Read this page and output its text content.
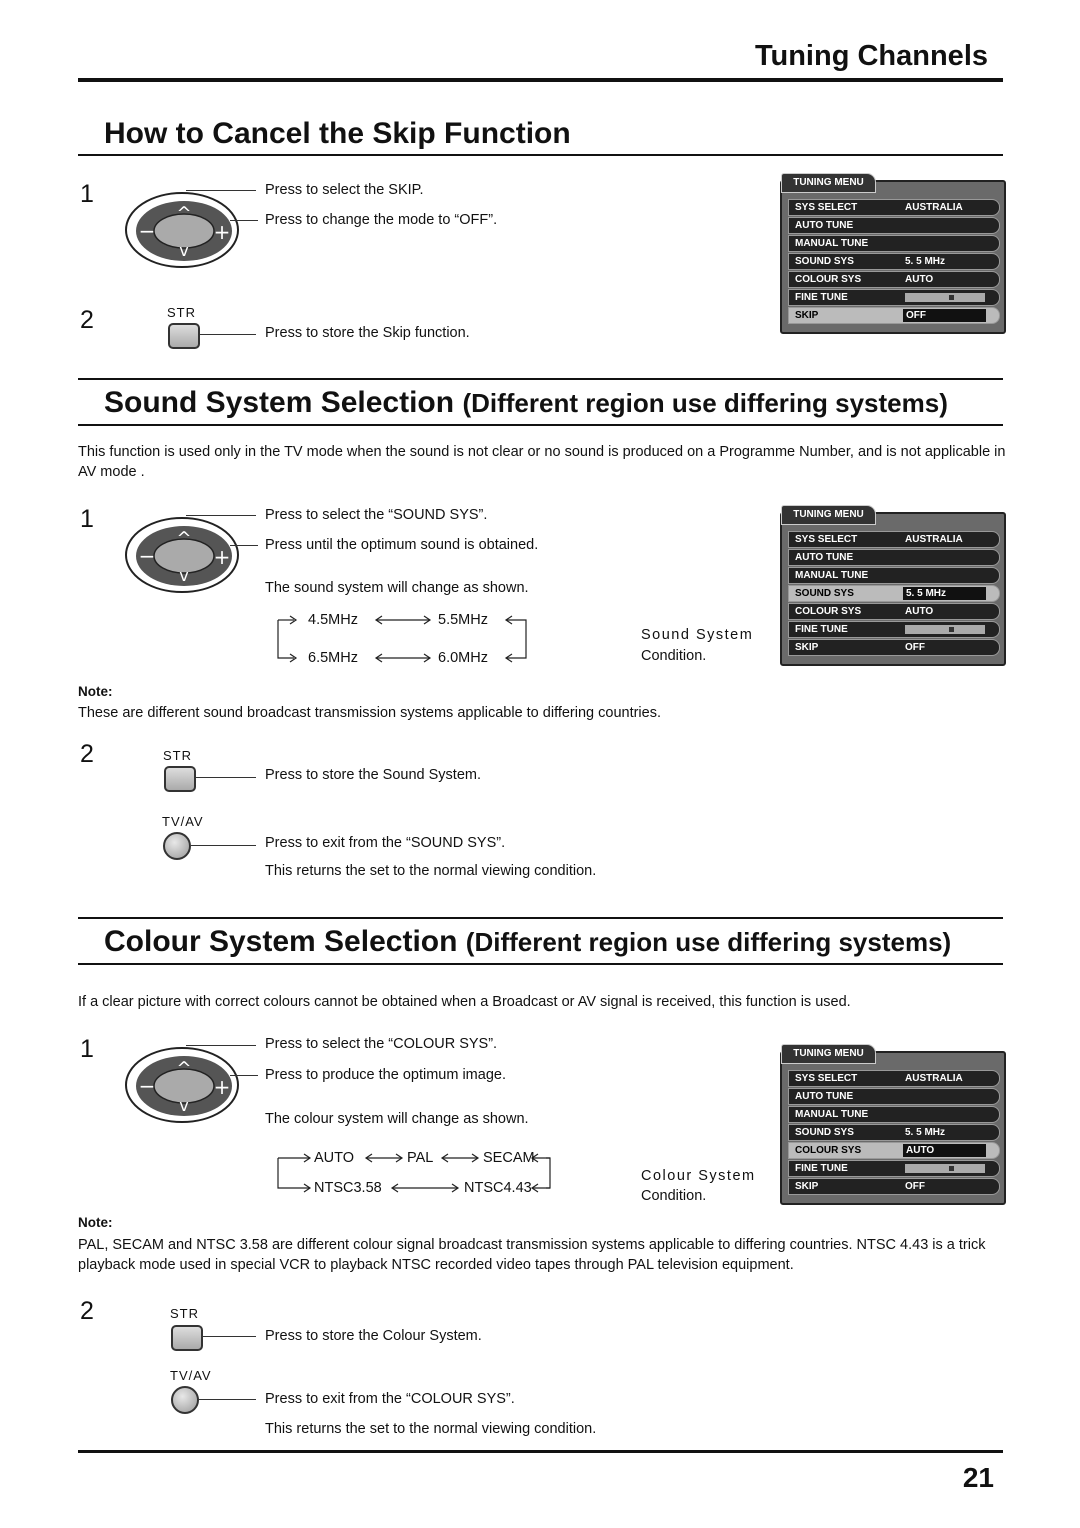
Tuning Channels
How to Cancel the Skip Function
1
^
v
−	+
Press to select the SKIP.
Press to change the mode to “OFF”.
2	STR
Press to store the Skip function.
TUNING MENU
SYS SELECT	AUSTRALIA
AUTO TUNE
MANUAL TUNE
SOUND SYS	5. 5 MHz
COLOUR SYS	AUTO
FINE TUNE
SKIP	OFF
Sound System Selection (Different region use differing systems)
This function is used only in the TV mode when the sound is not clear or no sound is produced on a Programme Number, and is not applicable in AV mode .
1
^
v
−	+
Press to select the “SOUND SYS”.
Press until the optimum sound is obtained.
The sound system will change as shown.
4.5MHz	5.5MHz
6.5MHz	6.0MHz
Sound System
Condition.
TUNING MENU
SYS SELECT	AUSTRALIA
AUTO TUNE
MANUAL TUNE
SOUND SYS	5. 5 MHz
COLOUR SYS	AUTO
FINE TUNE
SKIP	OFF
Note:
These are different sound broadcast transmission systems applicable to differing countries.
2	STR
Press to store the Sound System.
TV/AV
Press to exit from the “SOUND SYS”.
This returns the set to the normal viewing condition.
Colour System Selection (Different region use differing systems)
If a clear picture with correct colours cannot be obtained when a Broadcast or AV signal is received, this function is used.
1
^
v
−	+
Press to select the “COLOUR SYS”.
Press to produce the optimum image.
The colour system will change as shown.
AUTO	PAL	SECAM
NTSC3.58	NTSC4.43
Colour System
Condition.
TUNING MENU
SYS SELECT	AUSTRALIA
AUTO TUNE
MANUAL TUNE
SOUND SYS	5. 5 MHz
COLOUR SYS	AUTO
FINE TUNE
SKIP	OFF
Note:
PAL, SECAM and NTSC 3.58 are different colour signal broadcast transmission systems applicable to differing countries. NTSC 4.43 is a trick playback mode used in special VCR to playback NTSC recorded video tapes through PAL television equipment.
2	STR
Press to store the Colour System.
TV/AV
Press to exit from the “COLOUR SYS”.
This returns the set to the normal viewing condition.
21
